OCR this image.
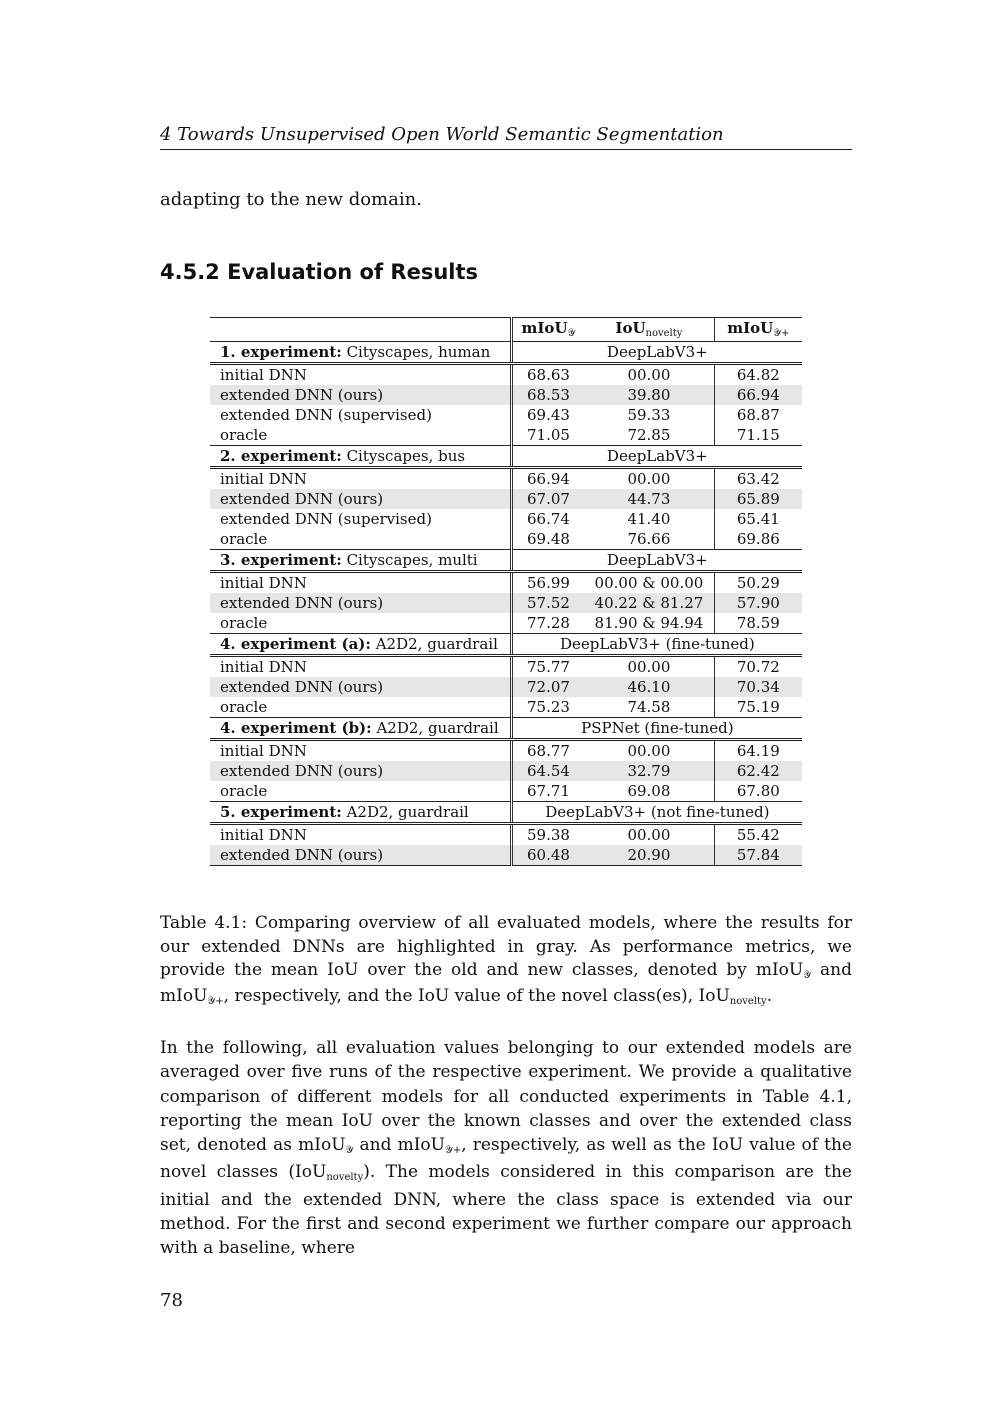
4 Towards Unsupervised Open World Semantic Segmentation
adapting to the new domain.
4.5.2 Evaluation of Results
	mIoU$_𝒴$	IoU$_{novelty}$	mIoU$_{𝒴+}$
1. experiment: Cityscapes, human	DeepLabV3+		
initial DNN	68.63	00.00	64.82
extended DNN (ours)	68.53	39.80	66.94
extended DNN (supervised)	69.43	59.33	68.87
oracle	71.05	72.85	71.15
2. experiment: Cityscapes, bus	DeepLabV3+		
initial DNN	66.94	00.00	63.42
extended DNN (ours)	67.07	44.73	65.89
extended DNN (supervised)	66.74	41.40	65.41
oracle	69.48	76.66	69.86
3. experiment: Cityscapes, multi	DeepLabV3+		
initial DNN	56.99	00.00 & 00.00	50.29
extended DNN (ours)	57.52	40.22 & 81.27	57.90
oracle	77.28	81.90 & 94.94	78.59
4. experiment (a): A2D2, guardrail	DeepLabV3+ (fine-tuned)		
initial DNN	75.77	00.00	70.72
extended DNN (ours)	72.07	46.10	70.34
oracle	75.23	74.58	75.19
4. experiment (b): A2D2, guardrail	PSPNet (fine-tuned)		
initial DNN	68.77	00.00	64.19
extended DNN (ours)	64.54	32.79	62.42
oracle	67.71	69.08	67.80
5. experiment: A2D2, guardrail	DeepLabV3+ (not fine-tuned)		
initial DNN	59.38	00.00	55.42
extended DNN (ours)	60.48	20.90	57.84

Table 4.1: Comparing overview of all evaluated models, where the results for our extended DNNs are highlighted in gray. As performance metrics, we provide the mean IoU over the old and new classes, denoted by mIoU𝒴 and mIoU𝒴+, respectively, and the IoU value of the novel class(es), IoUnovelty.

In the following, all evaluation values belonging to our extended models are averaged over five runs of the respective experiment. We provide a qualitative comparison of different models for all conducted experiments in Table 4.1, reporting the mean IoU over the known classes and over the extended class set, denoted as mIoU𝒴 and mIoU𝒴+, respectively, as well as the IoU value of the novel classes (IoUnovelty). The models considered in this comparison are the initial and the extended DNN, where the class space is extended via our method. For the first and second experiment we further compare our approach with a baseline, where

78
